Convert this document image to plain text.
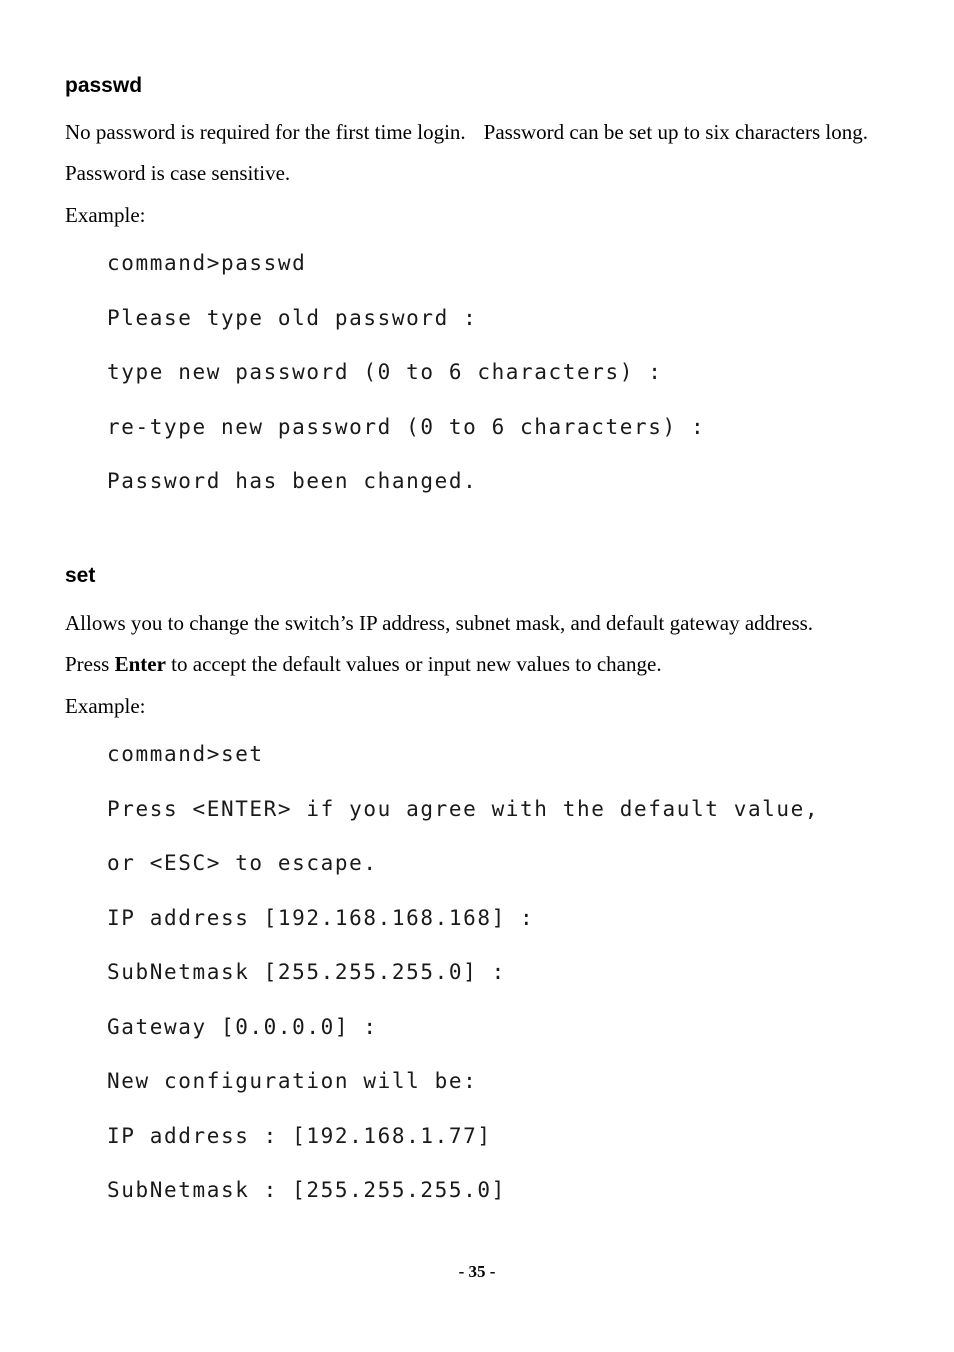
passwd

No password is required for the first time login. Password can be set up to six characters long.Password is case sensitive.

Example:

command>passwd
Please type old password :
type new password (0 to 6 characters) :
re-type new password (0 to 6 characters) :
Password has been changed.
set

Allows you to change the switch’s IP address, subnet mask, and default gateway address.
Press Enter to accept the default values or input new values to change.

Example:

command>set
Press <ENTER> if you agree with the default value,
or <ESC> to escape.
IP address [192.168.168.168] :
SubNetmask [255.255.255.0] :
Gateway [0.0.0.0] :
New configuration will be:
IP address : [192.168.1.77]
SubNetmask : [255.255.255.0]
- 35 -
